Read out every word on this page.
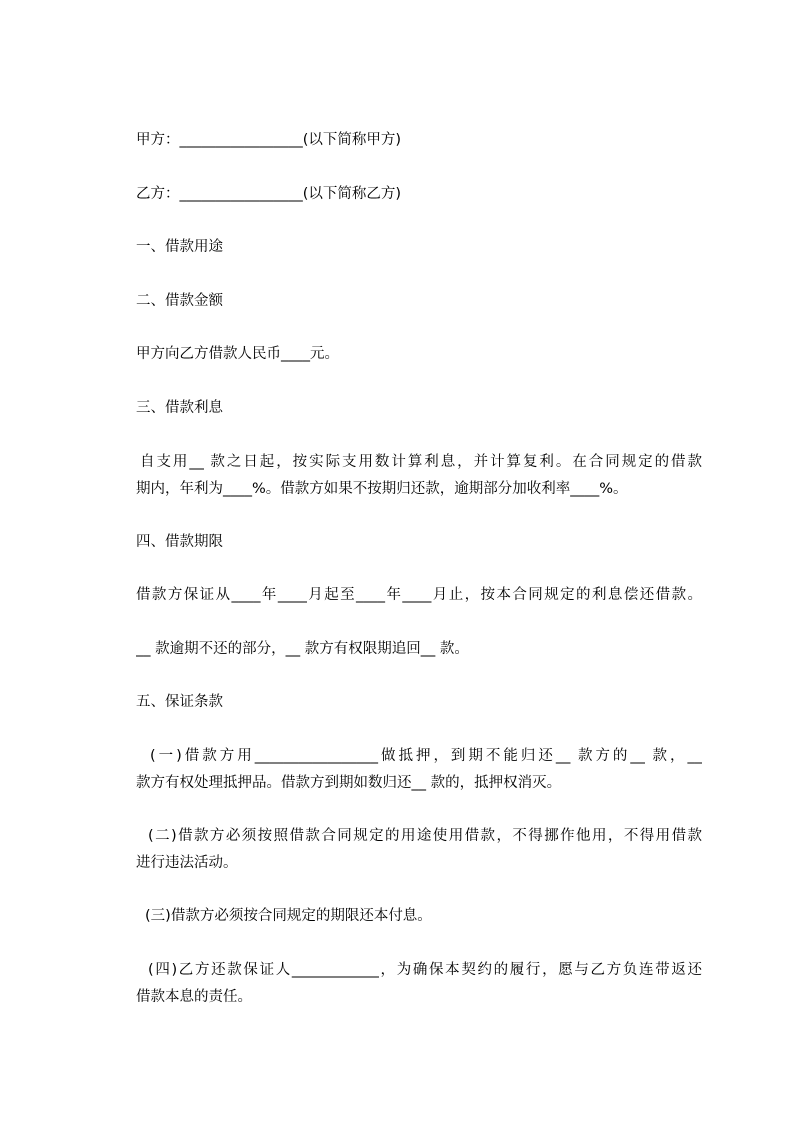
甲方：_________________(以下简称甲方)
乙方：_________________(以下简称乙方)
一、借款用途
二、借款金额
甲方向乙方借款人民币____元。
三、借款利息
自支用__ 款之日起，按实际支用数计算利息，并计算复利。在合同规定的借款
期内，年利为____%。借款方如果不按期归还款，逾期部分加收利率____%。
四、借款期限
借款方保证从____年____月起至____年____月止，按本合同规定的利息偿还借款。
__ 款逾期不还的部分，__ 款方有权限期追回__ 款。
五、保证条款
(一)借款方用_________________做抵押，到期不能归还__ 款方的__ 款，__
款方有权处理抵押品。借款方到期如数归还__ 款的，抵押权消灭。
(二)借款方必须按照借款合同规定的用途使用借款，不得挪作他用，不得用借款
进行违法活动。
(三)借款方必须按合同规定的期限还本付息。
(四)乙方还款保证人____________，为确保本契约的履行，愿与乙方负连带返还
借款本息的责任。
